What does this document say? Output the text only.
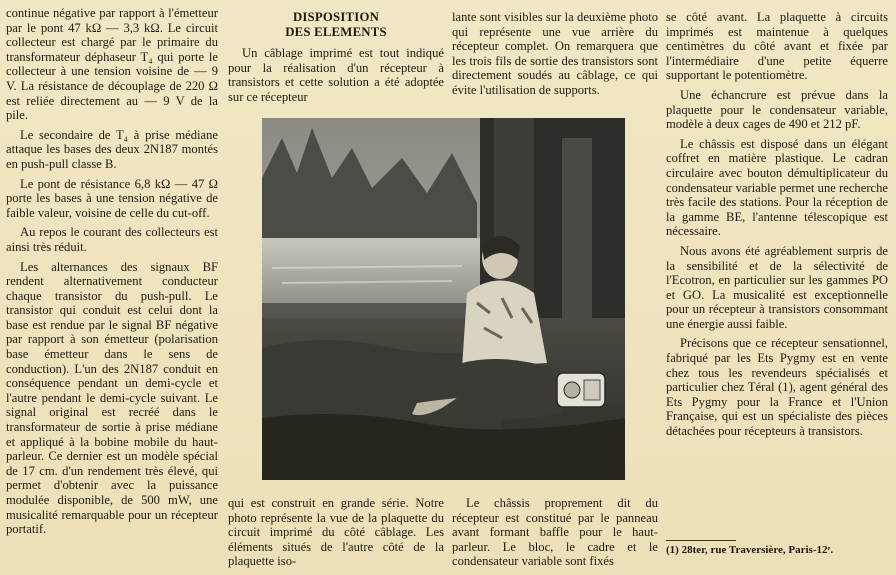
continue négative par rapport à l'émetteur par le pont 47 kΩ — 3,3 kΩ. Le circuit collecteur est chargé par le primaire du transformateur déphaseur T₄ qui porte le collecteur à une tension voisine de — 9 V. La résistance de découplage de 220 Ω est reliée directement au — 9 V de la pile.

Le secondaire de T₄ à prise médiane attaque les bases des deux 2N187 montés en push-pull classe B.

Le pont de résistance 6,8 kΩ — 47 Ω porte les bases à une tension négative de faible valeur, voisine de celle du cut-off.

Au repos le courant des collecteurs est ainsi très réduit.

Les alternances des signaux BF rendent alternativement conducteur chaque transistor du push-pull. Le transistor qui conduit est celui dont la base est rendue par le signal BF négative par rapport à son émetteur (polarisation base émetteur dans le sens de conduction). L'un des 2N187 conduit en conséquence pendant un demi-cycle et l'autre pendant le demi-cycle suivant. Le signal original est recréé dans le transformateur de sortie à prise médiane et appliqué à la bobine mobile du haut-parleur. Ce dernier est un modèle spécial de 17 cm. d'un rendement très élevé, qui permet d'obtenir avec la puissance modulée disponible, de 500 mW, une musicalité remarquable pour un récepteur portatif.

DISPOSITION
DES ELEMENTS

Un câblage imprimé est tout indiqué pour la réalisation d'un récepteur à transistors et cette solution a été adoptée sur ce récepteur

lante sont visibles sur la deuxième photo qui représente une vue arrière du récepteur complet. On remarquera que les trois fils de sortie des transistors sont directement soudés au câblage, ce qui évite l'utilisation de supports.

se côté avant. La plaquette à circuits imprimés est maintenue à quelques centimètres du côté avant et fixée par l'intermédiaire d'une petite équerre supportant le potentiomètre.

Une échancrure est prévue dans la plaquette pour le condensateur variable, modèle à deux cages de 490 et 212 pF.

Le châssis est disposé dans un élégant coffret en matière plastique. Le cadran circulaire avec bouton démultiplicateur du condensateur variable permet une recherche très facile des stations. Pour la réception de la gamme BE, l'antenne télescopique est nécessaire.

Nous avons été agréablement surpris de la sensibilité et de la sélectivité de l'Ecotron, en particulier sur les gammes PO et GO. La musicalité est exceptionnelle pour un récepteur à transistors consommant une énergie aussi faible.

Précisons que ce récepteur sensationnel, fabriqué par les Ets Pygmy est en vente chez tous les revendeurs spécialisés et particulier chez Téral (1), agent général des Ets Pygmy pour la France et l'Union Française, qui est un spécialiste des pièces détachées pour récepteurs à transistors.

qui est construit en grande série. Notre photo représente la vue de la plaquette du circuit imprimé du côté câblage. Les éléments situés de l'autre côté de la plaquette iso-
Le châssis proprement dit du récepteur est constitué par le panneau avant formant baffle pour le haut-parleur. Le bloc, le cadre et le condensateur variable sont fixés
(1) 28ter, rue Traversière, Paris-12ᵉ.
